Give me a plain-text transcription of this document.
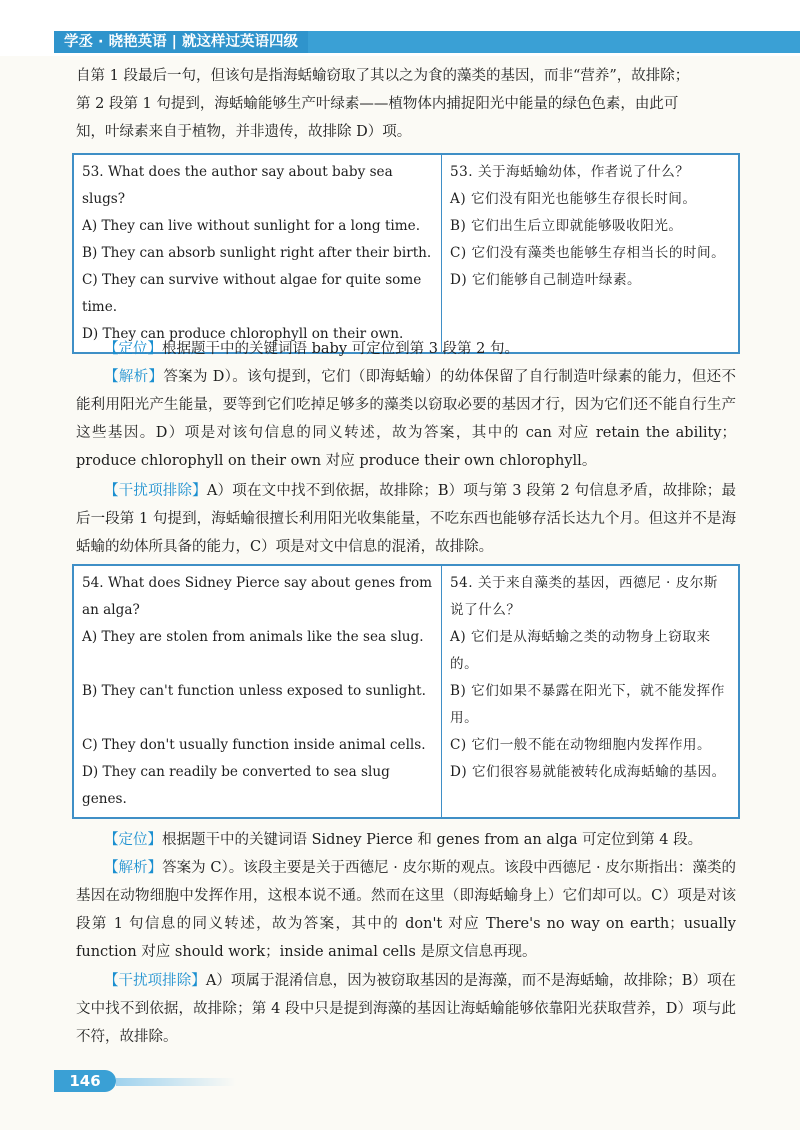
学丞 · 晓艳英语 | 就这样过英语四级

自第 1 段最后一句，但该句是指海蛞蝓窃取了其以之为食的藻类的基因，而非“营养”，故排除；

第 2 段第 1 句提到，海蛞蝓能够生产叶绿素——植物体内捕捉阳光中能量的绿色色素，由此可

知，叶绿素来自于植物，并非遗传，故排除 D）项。

53. What does the author say about baby sea slugs?

A) They can live without sunlight for a long time.

B) They can absorb sunlight right after their birth.

C) They can survive without algae for quite some time.

D) They can produce chlorophyll on their own.

53. 关于海蛞蝓幼体，作者说了什么？

A) 它们没有阳光也能够生存很长时间。

B) 它们出生后立即就能够吸收阳光。

C) 它们没有藻类也能够生存相当长的时间。

D) 它们能够自己制造叶绿素。

【定位】根据题干中的关键词语 baby 可定位到第 3 段第 2 句。

【解析】答案为 D）。该句提到，它们（即海蛞蝓）的幼体保留了自行制造叶绿素的能力，但还不能利用阳光产生能量，要等到它们吃掉足够多的藻类以窃取必要的基因才行，因为它们还不能自行生产这些基因。D）项是对该句信息的同义转述，故为答案，其中的 can 对应 retain the ability；produce chlorophyll on their own 对应 produce their own chlorophyll。

【干扰项排除】A）项在文中找不到依据，故排除；B）项与第 3 段第 2 句信息矛盾，故排除；最后一段第 1 句提到，海蛞蝓很擅长利用阳光收集能量，不吃东西也能够存活长达九个月。但这并不是海蛞蝓的幼体所具备的能力，C）项是对文中信息的混淆，故排除。

54. What does Sidney Pierce say about genes from an alga?

A) They are stolen from animals like the sea slug.

B) They can't function unless exposed to sunlight.

C) They don't usually function inside animal cells.

D) They can readily be converted to sea slug genes.

54. 关于来自藻类的基因，西德尼 · 皮尔斯说了什么？

A) 它们是从海蛞蝓之类的动物身上窃取来的。

B) 它们如果不暴露在阳光下，就不能发挥作用。

C) 它们一般不能在动物细胞内发挥作用。

D) 它们很容易就能被转化成海蛞蝓的基因。

【定位】根据题干中的关键词语 Sidney Pierce 和 genes from an alga 可定位到第 4 段。

【解析】答案为 C）。该段主要是关于西德尼 · 皮尔斯的观点。该段中西德尼 · 皮尔斯指出：藻类的基因在动物细胞中发挥作用，这根本说不通。然而在这里（即海蛞蝓身上）它们却可以。C）项是对该段第 1 句信息的同义转述，故为答案，其中的 don't 对应 There's no way on earth；usually function 对应 should work；inside animal cells 是原文信息再现。

【干扰项排除】A）项属于混淆信息，因为被窃取基因的是海藻，而不是海蛞蝓，故排除；B）项在文中找不到依据，故排除；第 4 段中只是提到海藻的基因让海蛞蝓能够依靠阳光获取营养，D）项与此不符，故排除。

146
